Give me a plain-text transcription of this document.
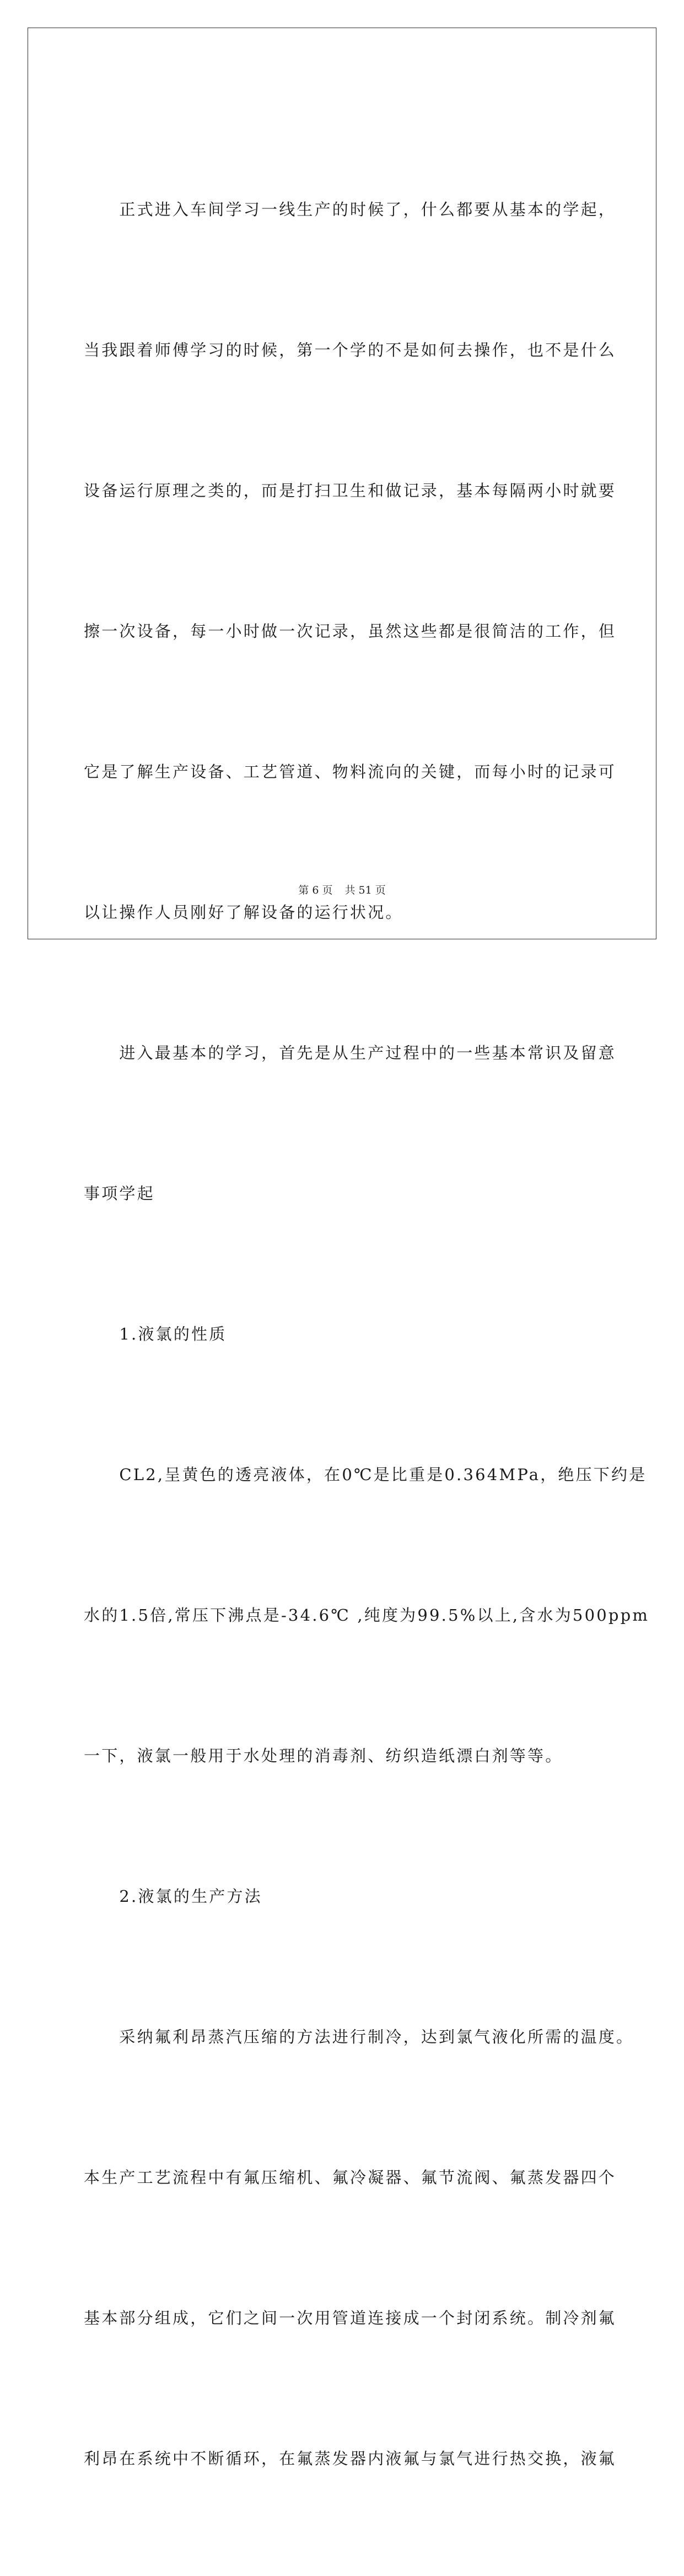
　　正式进入车间学习一线生产的时候了，什么都要从基本的学起，

当我跟着师傅学习的时候，第一个学的不是如何去操作，也不是什么

设备运行原理之类的，而是打扫卫生和做记录，基本每隔两小时就要

擦一次设备，每一小时做一次记录，虽然这些都是很简洁的工作，但

它是了解生产设备、工艺管道、物料流向的关键，而每小时的记录可

以让操作人员刚好了解设备的运行状况。

　　进入最基本的学习，首先是从生产过程中的一些基本常识及留意

事项学起

　　1.液氯的性质

　　CL2,呈黄色的透亮液体，在0℃是比重是0.364MPa，绝压下约是

水的1.5倍,常压下沸点是-34.6℃ ,纯度为99.5%以上,含水为500ppm

一下，液氯一般用于水处理的消毒剂、纺织造纸漂白剂等等。

　　2.液氯的生产方法

　　采纳氟利昂蒸汽压缩的方法进行制冷，达到氯气液化所需的温度。

本生产工艺流程中有氟压缩机、氟冷凝器、氟节流阀、氟蒸发器四个

基本部分组成，它们之间一次用管道连接成一个封闭系统。制冷剂氟

利昂在系统中不断循环，在氟蒸发器内液氟与氯气进行热交换，液氟

第 6 页 共 51 页
